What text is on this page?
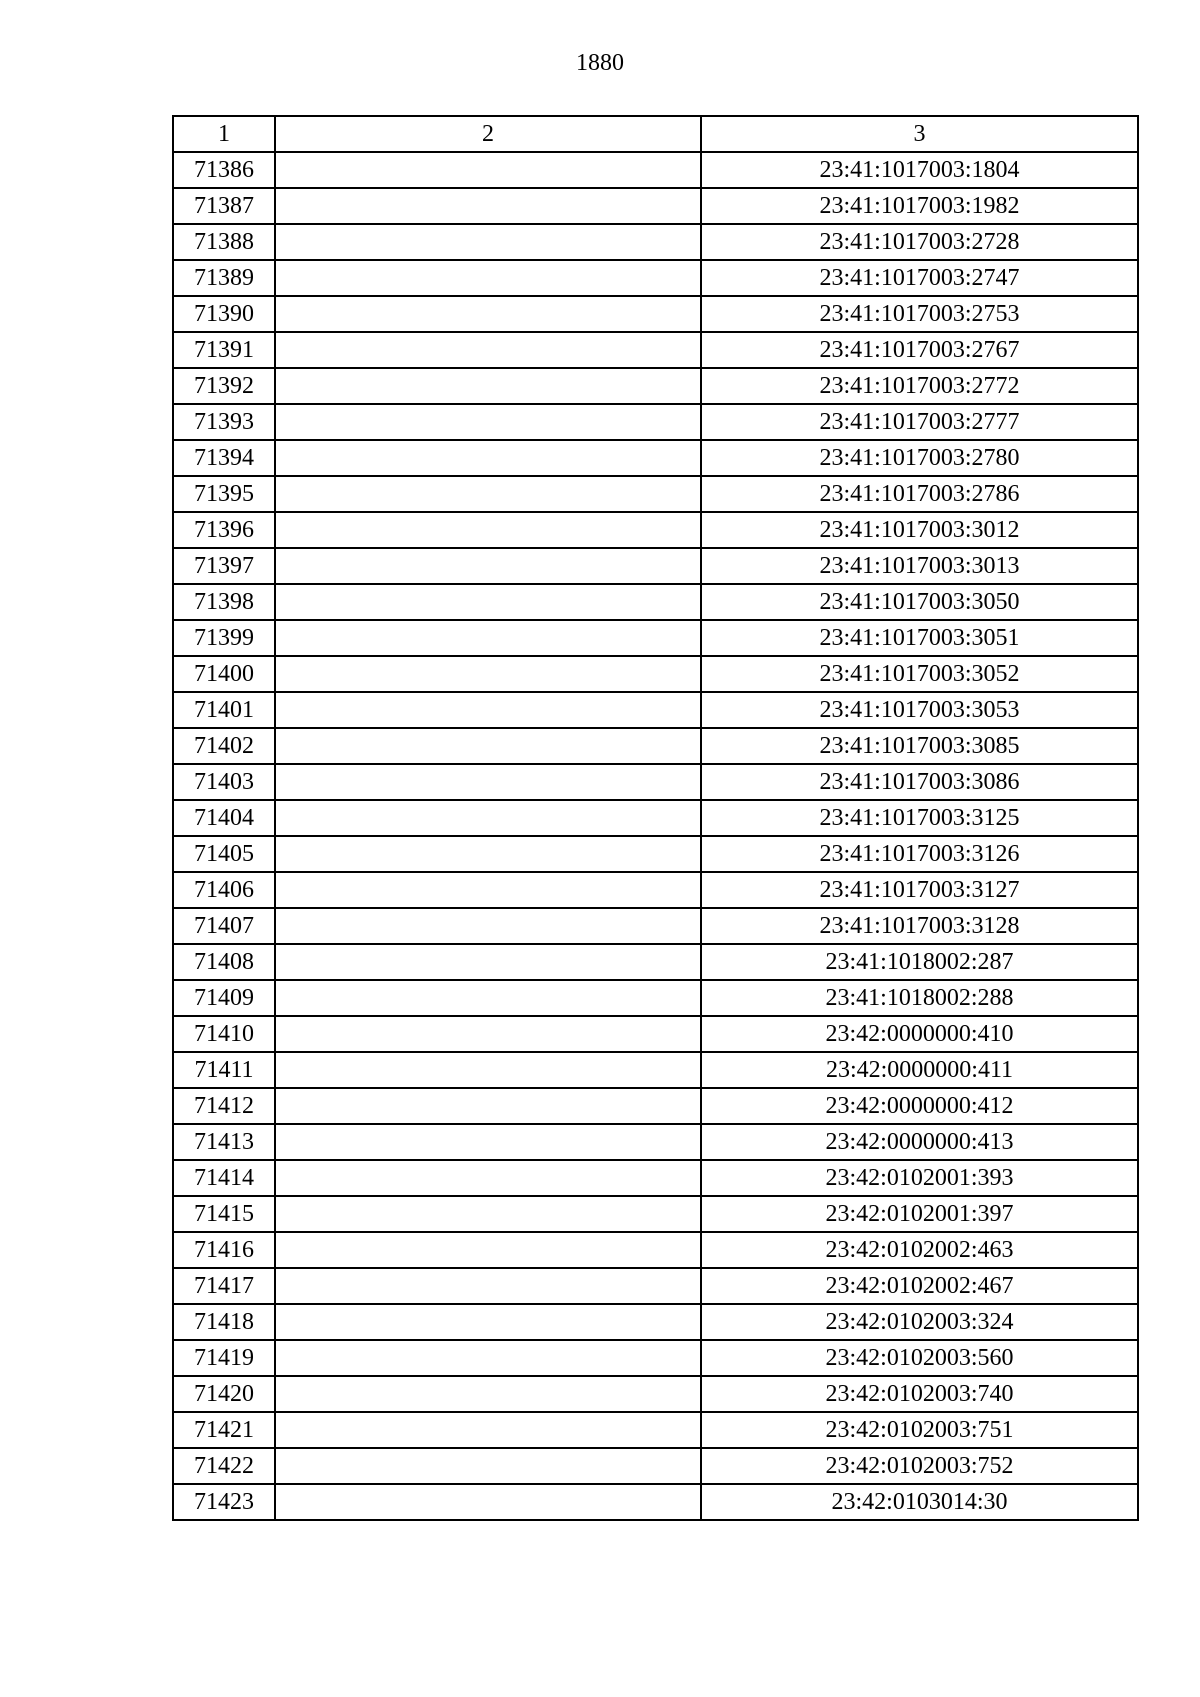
1880
1	2	3
71386		23:41:1017003:1804
71387		23:41:1017003:1982
71388		23:41:1017003:2728
71389		23:41:1017003:2747
71390		23:41:1017003:2753
71391		23:41:1017003:2767
71392		23:41:1017003:2772
71393		23:41:1017003:2777
71394		23:41:1017003:2780
71395		23:41:1017003:2786
71396		23:41:1017003:3012
71397		23:41:1017003:3013
71398		23:41:1017003:3050
71399		23:41:1017003:3051
71400		23:41:1017003:3052
71401		23:41:1017003:3053
71402		23:41:1017003:3085
71403		23:41:1017003:3086
71404		23:41:1017003:3125
71405		23:41:1017003:3126
71406		23:41:1017003:3127
71407		23:41:1017003:3128
71408		23:41:1018002:287
71409		23:41:1018002:288
71410		23:42:0000000:410
71411		23:42:0000000:411
71412		23:42:0000000:412
71413		23:42:0000000:413
71414		23:42:0102001:393
71415		23:42:0102001:397
71416		23:42:0102002:463
71417		23:42:0102002:467
71418		23:42:0102003:324
71419		23:42:0102003:560
71420		23:42:0102003:740
71421		23:42:0102003:751
71422		23:42:0102003:752
71423		23:42:0103014:30
